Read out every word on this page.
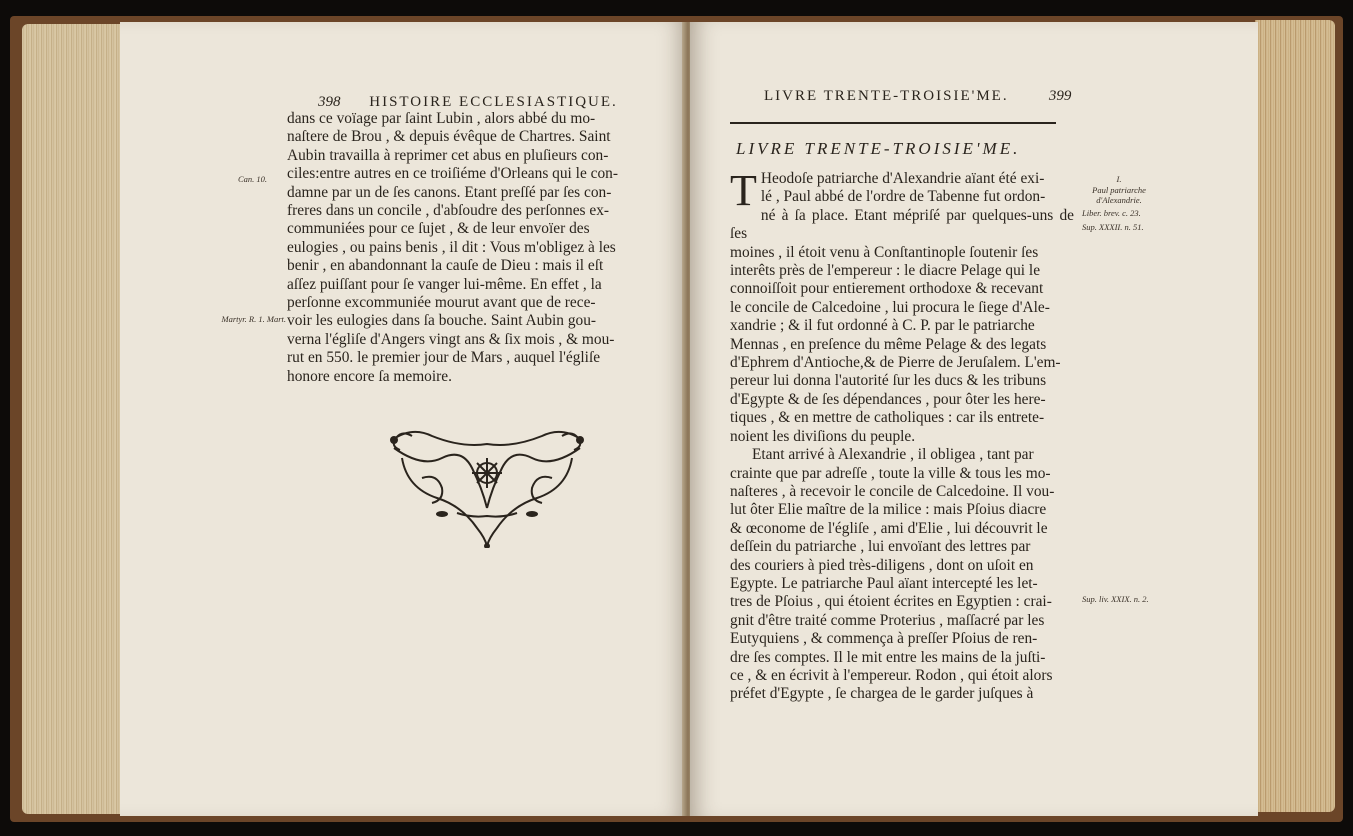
398 HISTOIRE ECCLESIASTIQUE.

dans ce voïage par ſaint Lubin , alors abbé du mo-

naſtere de Brou , & depuis évêque de Chartres. Saint

Aubin travailla à reprimer cet abus en pluſieurs con-

ciles:entre autres en ce troiſiéme d'Orleans qui le con-

damne par un de ſes canons. Etant preſſé par ſes con-

freres dans un concile , d'abſoudre des perſonnes ex-

communiées pour ce ſujet , & de leur envoïer des

eulogies , ou pains benis , il dit : Vous m'obligez à les

benir , en abandonnant la cauſe de Dieu : mais il eſt

aſſez puiſſant pour ſe vanger lui-même. En effet , la

perſonne excommuniée mourut avant que de rece-

voir les eulogies dans ſa bouche. Saint Aubin gou-

verna l'égliſe d'Angers vingt ans & ſix mois , & mou-

rut en 550. le premier jour de Mars , auquel l'égliſe

honore encore ſa memoire.

Can. 10.
Martyr. R. 1. Mart.
LIVRE TRENTE-TROISIE'ME.	399
LIVRE TRENTE-TROISIE'ME.

T Heodoſe patriarche d'Alexandrie aïant été exi-
lé , Paul abbé de l'ordre de Tabenne fut ordon-
né à ſa place. Etant mépriſé par quelques-uns de ſes
moines , il étoit venu à Conſtantinople ſoutenir ſes
interêts près de l'empereur : le diacre Pelage qui le
connoiſſoit pour entierement orthodoxe & recevant
le concile de Calcedoine , lui procura le ſiege d'Ale-
xandrie ; & il fut ordonné à C. P. par le patriarche
Mennas , en preſence du même Pelage & des legats
d'Ephrem d'Antioche,& de Pierre de Jeruſalem. L'em-
pereur lui donna l'autorité ſur les ducs & les tribuns
d'Egypte & de ſes dépendances , pour ôter les here-
tiques , & en mettre de catholiques : car ils entrete-
noient les diviſions du peuple.

Etant arrivé à Alexandrie , il obligea , tant par
crainte que par adreſſe , toute la ville & tous les mo-
naſteres , à recevoir le concile de Calcedoine. Il vou-
lut ôter Elie maître de la milice : mais Pſoius diacre
& œconome de l'égliſe , ami d'Elie , lui découvrit le
deſſein du patriarche , lui envoïant des lettres par
des couriers à pied très-diligens , dont on uſoit en
Egypte. Le patriarche Paul aïant intercepté les let-
tres de Pſoius , qui étoient écrites en Egyptien : crai-
gnit d'être traité comme Proterius , maſſacré par les
Eutyquiens , & commença à preſſer Pſoius de ren-
dre ſes comptes. Il le mit entre les mains de la juſti-
ce , & en écrivit à l'empereur. Rodon , qui étoit alors
préfet d'Egypte , ſe chargea de le garder juſques à

I.
Paul patriarche d'Alexandrie.
Liber. brev. c. 23.
Sup. XXXII. n. 51.
Sup. liv. XXIX. n. 2.
